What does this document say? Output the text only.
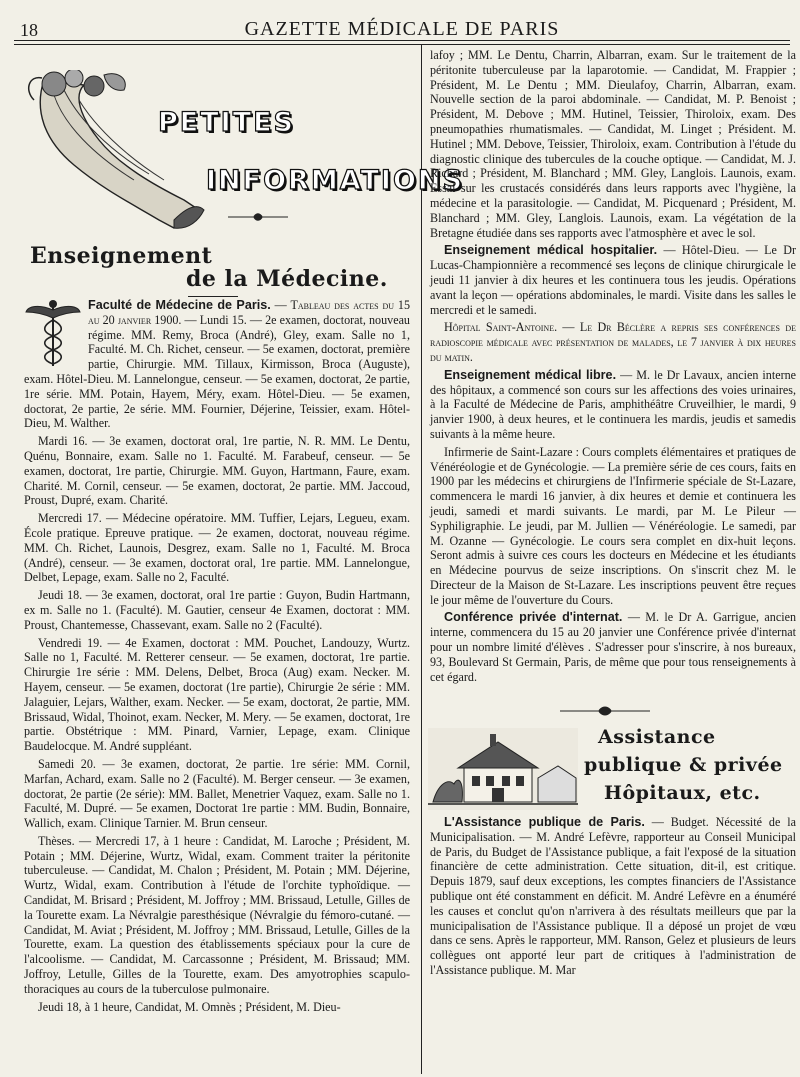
18	GAZETTE MÉDICALE DE PARIS
PETITES
INFORMATIONS
Enseignement
de la Médecine.

Faculté de Médecine de Paris. — Tableau des actes du 15 au 20 janvier 1900. — Lundi 15. — 2e examen, doctorat, nouveau régime. MM. Remy, Broca (André), Gley, exam. Salle no 1, Faculté. M. Ch. Richet, censeur. — 5e examen, doctorat, première partie, Chirurgie. MM. Tillaux, Kirmisson, Broca (Auguste), exam. Hôtel-Dieu. M. Lannelongue, censeur. — 5e examen, doctorat, 2e partie, 1re série. MM. Potain, Hayem, Méry, exam. Hôtel-Dieu. — 5e examen, doctorat, 2e partie, 2e série. MM. Fournier, Déjerine, Teissier, exam. Hôtel-Dieu, M. Walther.

Mardi 16. — 3e examen, doctorat oral, 1re partie, N. R. MM. Le Dentu, Quénu, Bonnaire, exam. Salle no 1. Faculté. M. Farabeuf, censeur. — 5e examen, doctorat, 1re partie, Chirurgie. MM. Guyon, Hartmann, Faure, exam. Charité. M. Cornil, censeur. — 5e examen, doctorat, 2e partie. MM. Jaccoud, Proust, Dupré, exam. Charité.

Mercredi 17. — Médecine opératoire. MM. Tuffier, Lejars, Legueu, exam. École pratique. Epreuve pratique. — 2e examen, doctorat, nouveau régime. MM. Ch. Richet, Launois, Desgrez, exam. Salle no 1, Faculté. M. Broca (André), censeur. — 3e examen, doctorat oral, 1re partie. MM. Lannelongue, Delbet, Lepage, exam. Salle no 2, Faculté.

Jeudi 18. — 3e examen, doctorat, oral 1re partie : Guyon, Budin Hartmann, ex m. Salle no 1. (Faculté). M. Gautier, censeur 4e Examen, doctorat : MM. Proust, Chantemesse, Chassevant, exam. Salle no 2 (Faculté).

Vendredi 19. — 4e Examen, doctorat : MM. Pouchet, Landouzy, Wurtz. Salle no 1, Faculté. M. Retterer censeur. — 5e examen, doctorat, 1re partie. Chirurgie 1re série : MM. Delens, Delbet, Broca (Aug) exam. Necker. M. Hayem, censeur. — 5e examen, doctorat (1re partie), Chirurgie 2e série : MM. Jalaguier, Lejars, Walther, exam. Necker. — 5e exam, doctorat, 2e partie, MM. Brissaud, Widal, Thoinot, exam. Necker, M. Mery. — 5e examen, doctorat, 1re partie. Obstétrique : MM. Pinard, Varnier, Lepage, exam. Clinique Baudelocque. M. André suppléant.

Samedi 20. — 3e examen, doctorat, 2e partie. 1re série: MM. Cornil, Marfan, Achard, exam. Salle no 2 (Faculté). M. Berger censeur. — 3e examen, doctorat, 2e partie (2e série): MM. Ballet, Menetrier Vaquez, exam. Salle no 1. Faculté, M. Dupré. — 5e examen, Doctorat 1re partie : MM. Budin, Bonnaire, Wallich, exam. Clinique Tarnier. M. Brun censeur.

Thèses. — Mercredi 17, à 1 heure : Candidat, M. Laroche ; Président, M. Potain ; MM. Déjerine, Wurtz, Widal, exam. Comment traiter la péritonite tuberculeuse. — Candidat, M. Chalon ; Président, M. Potain ; MM. Déjerine, Wurtz, Widal, exam. Contribution à l'étude de l'orchite typhoïdique. — Candidat, M. Brisard ; Président, M. Joffroy ; MM. Brissaud, Letulle, Gilles de la Tourette exam. La Névralgie paresthésique (Névralgie du fémoro-cutané. — Candidat, M. Aviat ; Président, M. Joffroy ; MM. Brissaud, Letulle, Gilles de la Tourette, exam. La question des établissements spéciaux pour la cure de l'alcoolisme. — Candidat, M. Carcassonne ; Président, M. Brissaud; MM. Joffroy, Letulle, Gilles de la Tourette, exam. Des amyotrophies scapulo-thoraciques au cours de la tuberculose pulmonaire.

Jeudi 18, à 1 heure, Candidat, M. Omnès ; Président, M. Dieu-

lafoy ; MM. Le Dentu, Charrin, Albarran, exam. Sur le traitement de la péritonite tuberculeuse par la laparotomie. — Candidat, M. Frappier ; Président, M. Le Dentu ; MM. Dieulafoy, Charrin, Albarran, exam. Nouvelle section de la paroi abdominale. — Candidat, M. P. Benoist ; Président, M. Debove ; MM. Hutinel, Teissier, Thiroloix, exam. Des pneumopathies rhumatismales. — Candidat, M. Linget ; Président. M. Hutinel ; MM. Debove, Teissier, Thiroloix, exam. Contribution à l'étude du diagnostic clinique des tubercules de la couche optique. — Candidat, M. J. Richard ; Président, M. Blanchard ; MM. Gley, Langlois. Launois, exam. Essai sur les crustacés considérés dans leurs rapports avec l'hygiène, la médecine et la parasitologie. — Candidat, M. Picquenard ; Président, M. Blanchard ; MM. Gley, Langlois. Launois, exam. La végétation de la Bretagne étudiée dans ses rapports avec l'atmosphère et avec le sol.

Enseignement médical hospitalier. — Hôtel-Dieu. — Le Dr Lucas-Championnière a recommencé ses leçons de clinique chirurgicale le jeudi 11 janvier à dix heures et les continuera tous les jeudis. Opérations avant la leçon — opérations abdominales, le mardi. Visite dans les salles le mercredi et le samedi.

Hôpital Saint-Antoine. — Le Dr Béclère a repris ses conférences de radioscopie médicale avec présentation de malades, le 7 janvier à dix heures du matin.

Enseignement médical libre. — M. le Dr Lavaux, ancien interne des hôpitaux, a commencé son cours sur les affections des voies urinaires, à la Faculté de Médecine de Paris, amphithéâtre Cruveilhier, le mardi, 9 janvier 1900, à deux heures, et le continuera les mardis, jeudis et samedis suivants à la même heure.

Infirmerie de Saint-Lazare : Cours complets élémentaires et pratiques de Vénéréologie et de Gynécologie. — La première série de ces cours, faits en 1900 par les médecins et chirurgiens de l'Infirmerie spéciale de St-Lazare, commencera le mardi 16 janvier, à dix heures et demie et continuera les jeudi, samedi et mardi suivants. Le mardi, par M. Le Pileur — Syphiligraphie. Le jeudi, par M. Jullien — Vénéréologie. Le samedi, par M. Ozanne — Gynécologie. Le cours sera complet en dix-huit leçons. Seront admis à suivre ces cours les docteurs en Médecine et les étudiants en Médecine pourvus de seize inscriptions. On s'inscrit chez M. le Directeur de la Maison de St-Lazare. Les inscriptions peuvent être reçues le jour même de l'ouverture du Cours.

Conférence privée d'internat. — M. le Dr A. Garrigue, ancien interne, commencera du 15 au 20 janvier une Conférence privée d'internat pour un nombre limité d'élèves . S'adresser pour s'inscrire, à nos bureaux, 93, Boulevard St Germain, Paris, de même que pour tous renseignements à cet égard.

Assistance
publique & privée
Hôpitaux, etc.

L'Assistance publique de Paris. — Budget. Nécessité de la Municipalisation. — M. André Lefèvre, rapporteur au Conseil Municipal de Paris, du Budget de l'Assistance publique, a fait l'exposé de la situation financière de cette administration. Cette situation, dit-il, est critique. Depuis 1879, sauf deux exceptions, les comptes financiers de l'Assistance publique ont été constamment en déficit. M. André Lefèvre en a énuméré les causes et conclut qu'on n'arrivera à des résultats meilleurs que par la municipalisation de l'Assistance publique. Il a déposé un projet de vœu dans ce sens. Après le rapporteur, MM. Ranson, Gelez et plusieurs de leurs collègues ont apporté leur part de critiques à l'administration de l'Assistance publique. M. Mar
